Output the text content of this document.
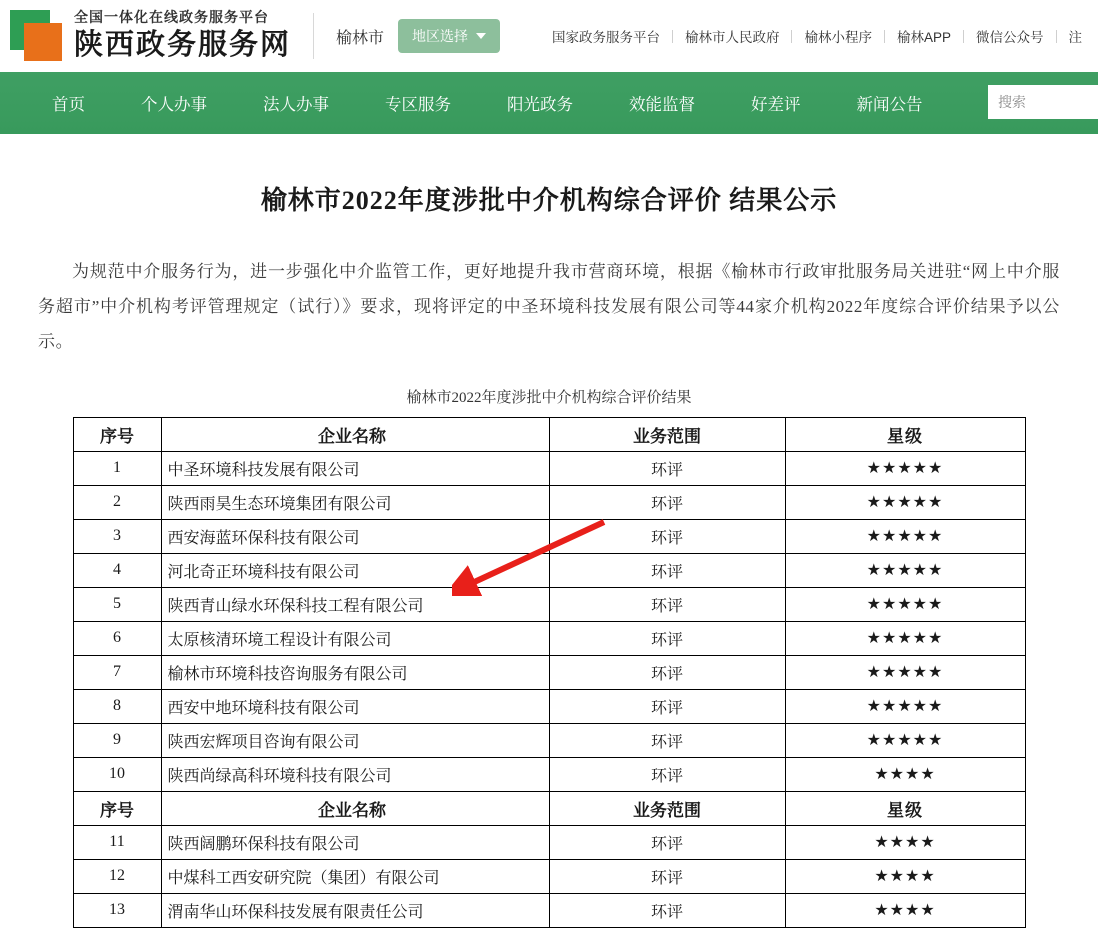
全国一体化在线政务服务平台
陕西政务服务网	榆林市 地区选择	国家政务服务平台	榆林市人民政府	榆林小程序	榆林APP	微信公众号	注
首页	个人办事	法人办事	专区服务	阳光政务	效能监督	好差评	新闻公告	搜索
榆林市2022年度涉批中介机构综合评价 结果公示
为规范中介服务行为，进一步强化中介监管工作，更好地提升我市营商环境，根据《榆林市行政审批服务局关进驻“网上中介服务超市”中介机构考评管理规定（试行）》要求，现将评定的中圣环境科技发展有限公司等44家介机构2022年度综合评价结果予以公示。
榆林市2022年度涉批中介机构综合评价结果
序号	企业名称	业务范围	星级
1	中圣环境科技发展有限公司	环评	★★★★★
2	陕西雨昊生态环境集团有限公司	环评	★★★★★
3	西安海蓝环保科技有限公司	环评	★★★★★
4	河北奇正环境科技有限公司	环评	★★★★★
5	陕西青山绿水环保科技工程有限公司	环评	★★★★★
6	太原核清环境工程设计有限公司	环评	★★★★★
7	榆林市环境科技咨询服务有限公司	环评	★★★★★
8	西安中地环境科技有限公司	环评	★★★★★
9	陕西宏辉项目咨询有限公司	环评	★★★★★
10	陕西尚绿高科环境科技有限公司	环评	★★★★
序号	企业名称	业务范围	星级
11	陕西阔鹏环保科技有限公司	环评	★★★★
12	中煤科工西安研究院（集团）有限公司	环评	★★★★
13	渭南华山环保科技发展有限责任公司	环评	★★★★
